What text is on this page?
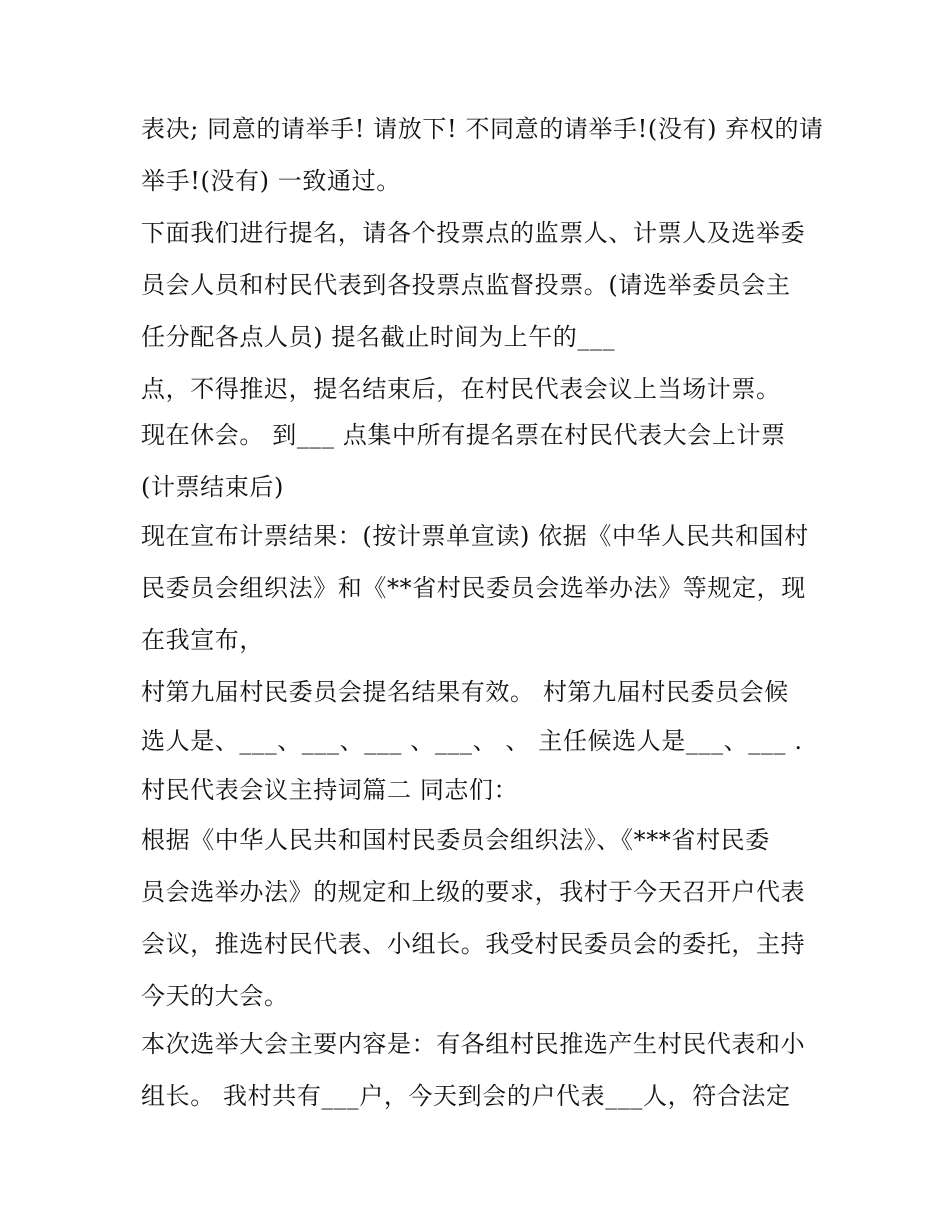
表决; 同意的请举手! 请放下! 不同意的请举手!(没有) 弃权的请
举手!(没有) 一致通过。
下面我们进行提名，请各个投票点的监票人、计票人及选举委
员会人员和村民代表到各投票点监督投票。(请选举委员会主
任分配各点人员) 提名截止时间为上午的___
点，不得推迟，提名结束后，在村民代表会议上当场计票。
现在休会。 到___ 点集中所有提名票在村民代表大会上计票
(计票结束后)
现在宣布计票结果：(按计票单宣读) 依据《中华人民共和国村
民委员会组织法》和《**省村民委员会选举办法》等规定，现
在我宣布，
村第九届村民委员会提名结果有效。 村第九届村民委员会候
选人是、___、___、___ 、___、 、 主任候选人是___、___ .
村民代表会议主持词篇二 同志们：
根据《中华人民共和国村民委员会组织法》、《***省村民委
员会选举办法》的规定和上级的要求，我村于今天召开户代表
会议，推选村民代表、小组长。我受村民委员会的委托，主持
今天的大会。
本次选举大会主要内容是：有各组村民推选产生村民代表和小
组长。 我村共有___户，今天到会的户代表___人，符合法定
